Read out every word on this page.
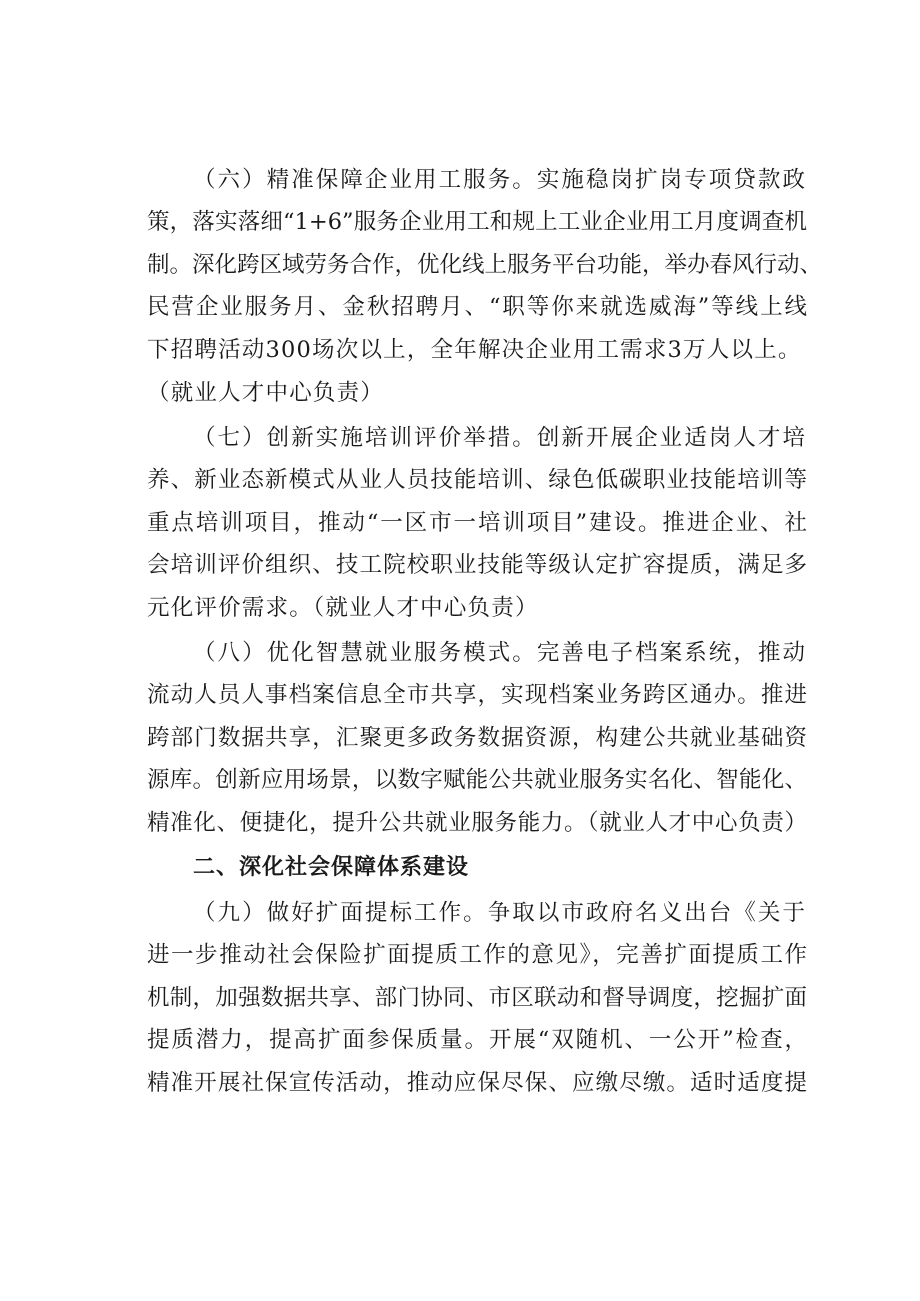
（六）精准保障企业用工服务。实施稳岗扩岗专项贷款政
策，落实落细“1+6”服务企业用工和规上工业企业用工月度调查机
制。深化跨区域劳务合作，优化线上服务平台功能，举办春风行动、
民营企业服务月、金秋招聘月、“职等你来就选威海”等线上线
下招聘活动300场次以上，全年解决企业用工需求3万人以上。
（就业人才中心负责）
（七）创新实施培训评价举措。创新开展企业适岗人才培
养、新业态新模式从业人员技能培训、绿色低碳职业技能培训等
重点培训项目，推动“一区市一培训项目”建设。推进企业、社
会培训评价组织、技工院校职业技能等级认定扩容提质，满足多
元化评价需求。（就业人才中心负责）
（八）优化智慧就业服务模式。完善电子档案系统，推动
流动人员人事档案信息全市共享，实现档案业务跨区通办。推进
跨部门数据共享，汇聚更多政务数据资源，构建公共就业基础资
源库。创新应用场景，以数字赋能公共就业服务实名化、智能化、
精准化、便捷化，提升公共就业服务能力。（就业人才中心负责）
二、深化社会保障体系建设
（九）做好扩面提标工作。争取以市政府名义出台《关于
进一步推动社会保险扩面提质工作的意见》，完善扩面提质工作
机制，加强数据共享、部门协同、市区联动和督导调度，挖掘扩面
提质潜力，提高扩面参保质量。开展“双随机、一公开”检查，
精准开展社保宣传活动，推动应保尽保、应缴尽缴。适时适度提
